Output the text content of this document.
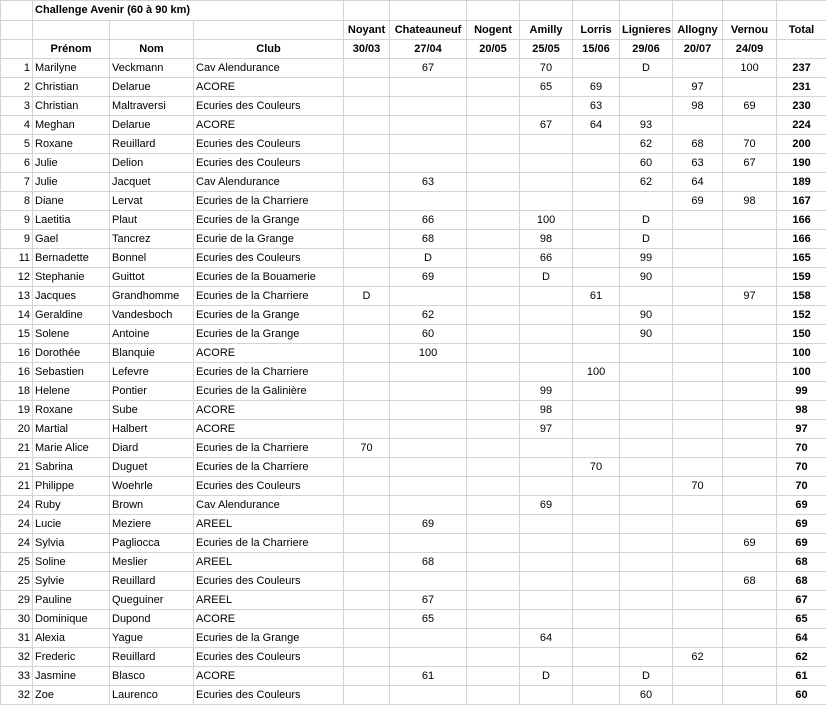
	Challenge Avenir (60 à 90 km)											
				Noyant	Chateauneuf	Nogent	Amilly	Lorris	Lignieres	Allogny	Vernou	Total
	Prénom	Nom	Club	30/03	27/04	20/05	25/05	15/06	29/06	20/07	24/09	
1	Marilyne	Veckmann	Cav Alendurance		67		70		D		100	237
2	Christian	Delarue	ACORE				65	69		97		231
3	Christian	Maltraversi	Ecuries des Couleurs					63		98	69	230
4	Meghan	Delarue	ACORE				67	64	93			224
5	Roxane	Reuillard	Ecuries des Couleurs						62	68	70	200
6	Julie	Delion	Ecuries des Couleurs						60	63	67	190
7	Julie	Jacquet	Cav Alendurance		63				62	64		189
8	Diane	Lervat	Ecuries de la Charriere							69	98	167
9	Laetitia	Plaut	Ecuries de la Grange		66		100		D			166
9	Gael	Tancrez	Ecurie de la Grange		68		98		D			166
11	Bernadette	Bonnel	Ecuries des Couleurs		D		66		99			165
12	Stephanie	Guittot	Ecuries de la Bouamerie		69		D		90			159
13	Jacques	Grandhomme	Ecuries de la Charriere	D				61			97	158
14	Geraldine	Vandesboch	Ecuries de la Grange		62				90			152
15	Solene	Antoine	Ecuries de la Grange		60				90			150
16	Dorothée	Blanquie	ACORE		100							100
16	Sebastien	Lefevre	Ecuries de la Charriere					100				100
18	Helene	Pontier	Ecuries de la Galinière				99					99
19	Roxane	Sube	ACORE				98					98
20	Martial	Halbert	ACORE				97					97
21	Marie Alice	Diard	Ecuries de la Charriere	70								70
21	Sabrina	Duguet	Ecuries de la Charriere					70				70
21	Philippe	Woehrle	Ecuries des Couleurs							70		70
24	Ruby	Brown	Cav Alendurance				69					69
24	Lucie	Meziere	AREEL		69							69
24	Sylvia	Pagliocca	Ecuries de la Charriere								69	69
25	Soline	Meslier	AREEL		68							68
25	Sylvie	Reuillard	Ecuries des Couleurs								68	68
29	Pauline	Queguiner	AREEL		67							67
30	Dominique	Dupond	ACORE		65							65
31	Alexia	Yague	Ecuries de la Grange				64					64
32	Frederic	Reuillard	Ecuries des Couleurs							62		62
33	Jasmine	Blasco	ACORE		61		D		D			61
32	Zoe	Laurenco	Ecuries des Couleurs						60			60
